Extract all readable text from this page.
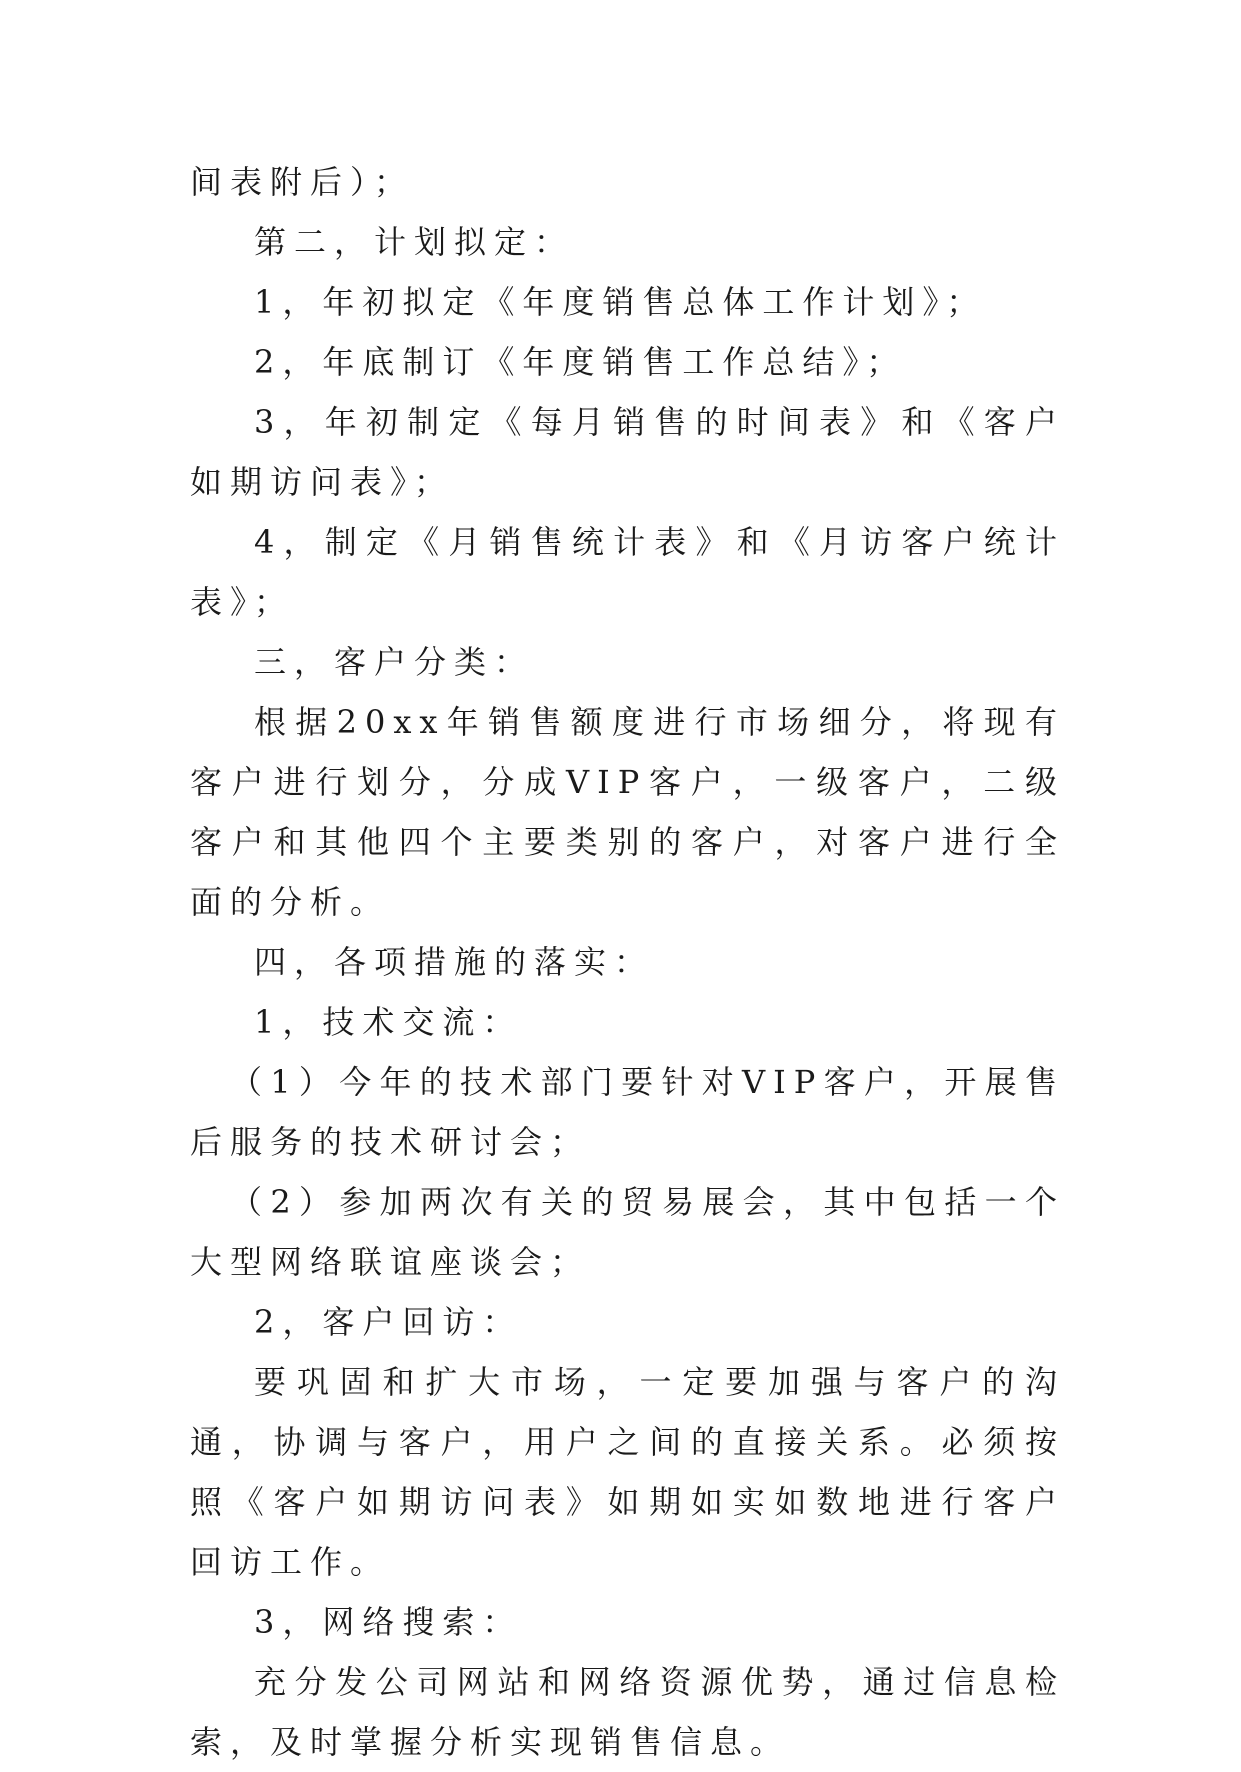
间表附后）；

第二，计划拟定：

1，年初拟定《年度销售总体工作计划》；

2，年底制订《年度销售工作总结》；

3，年初制定《每月销售的时间表》和《客户如期访问表》；

4，制定《月销售统计表》和《月访客户统计表》；

三，客户分类：

根据20xx年销售额度进行市场细分，将现有客户进行划分，分成VIP客户，一级客户，二级客户和其他四个主要类别的客户，对客户进行全面的分析。

四，各项措施的落实：

1，技术交流：

（1）今年的技术部门要针对VIP客户，开展售后服务的技术研讨会；

（2）参加两次有关的贸易展会，其中包括一个大型网络联谊座谈会；

2，客户回访：

要巩固和扩大市场，一定要加强与客户的沟通，协调与客户，用户之间的直接关系。必须按照《客户如期访问表》如期如实如数地进行客户回访工作。

3，网络搜索：

充分发公司网站和网络资源优势，通过信息检索，及时掌握分析实现销售信息。
